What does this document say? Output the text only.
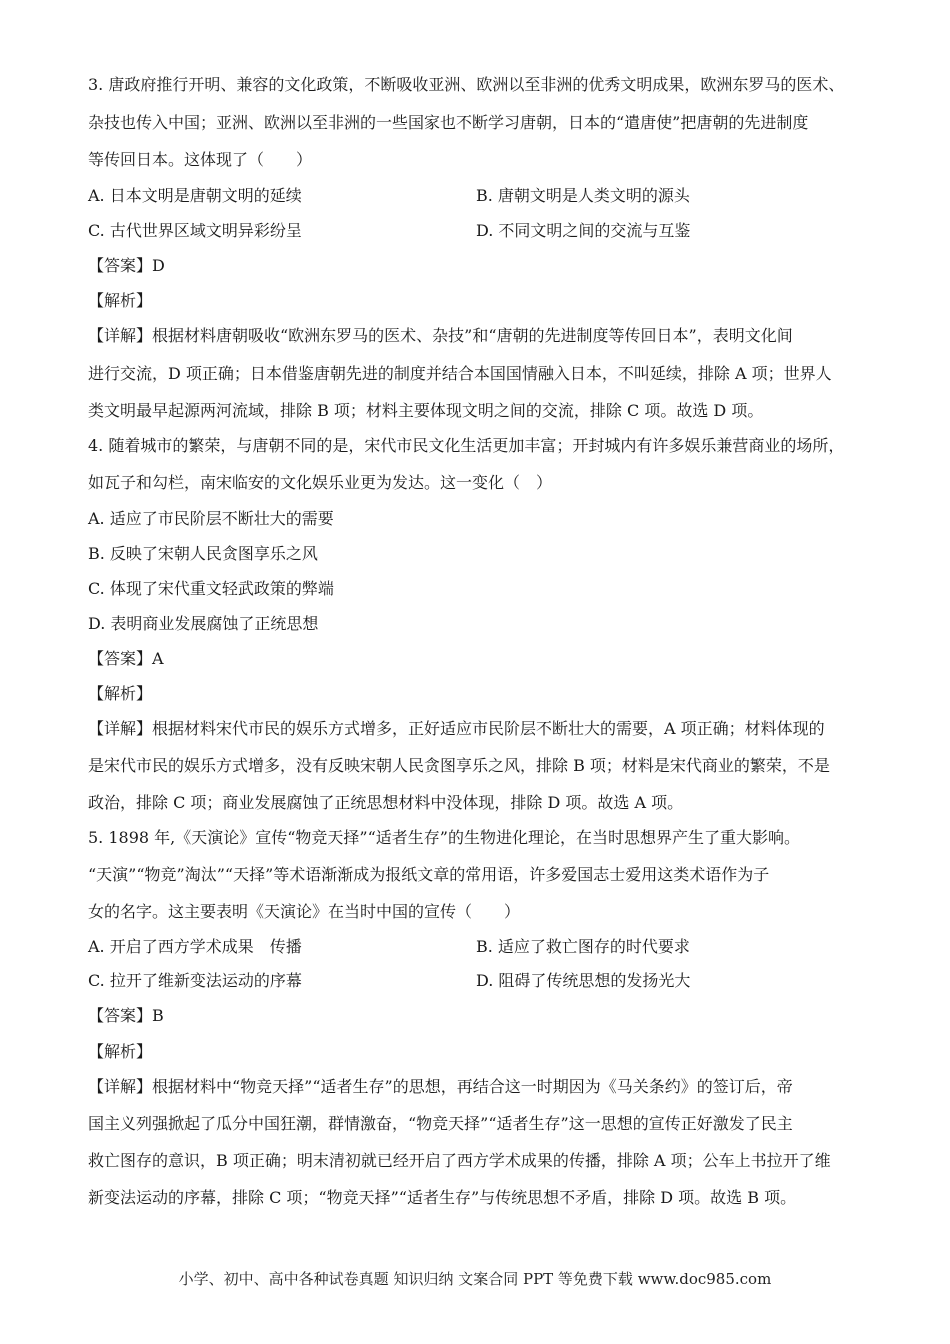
3. 唐政府推行开明、兼容的文化政策，不断吸收亚洲、欧洲以至非洲的优秀文明成果，欧洲东罗马的医术、
杂技也传入中国；亚洲、欧洲以至非洲的一些国家也不断学习唐朝，日本的“遣唐使”把唐朝的先进制度
等传回日本。这体现了（　　）
A. 日本文明是唐朝文明的延续	B. 唐朝文明是人类文明的源头
C. 古代世界区域文明异彩纷呈	D. 不同文明之间的交流与互鉴
【答案】D
【解析】
【详解】根据材料唐朝吸收“欧洲东罗马的医术、杂技”和“唐朝的先进制度等传回日本”，表明文化间
进行交流，D 项正确；日本借鉴唐朝先进的制度并结合本国国情融入日本，不叫延续，排除 A 项；世界人
类文明最早起源两河流域，排除 B 项；材料主要体现文明之间的交流，排除 C 项。故选 D 项。
4. 随着城市的繁荣，与唐朝不同的是，宋代市民文化生活更加丰富；开封城内有许多娱乐兼营商业的场所，
如瓦子和勾栏，南宋临安的文化娱乐业更为发达。这一变化（　）
A. 适应了市民阶层不断壮大的需要
B. 反映了宋朝人民贪图享乐之风
C. 体现了宋代重文轻武政策的弊端
D. 表明商业发展腐蚀了正统思想
【答案】A
【解析】
【详解】根据材料宋代市民的娱乐方式增多，正好适应市民阶层不断壮大的需要，A 项正确；材料体现的
是宋代市民的娱乐方式增多，没有反映宋朝人民贪图享乐之风，排除 B 项；材料是宋代商业的繁荣，不是
政治，排除 C 项；商业发展腐蚀了正统思想材料中没体现，排除 D 项。故选 A 项。
5. 1898 年,《天演论》宣传“物竞天择”“适者生存”的生物进化理论，在当时思想界产生了重大影响。
“天演”“物竞”淘汰”“天择”等术语渐渐成为报纸文章的常用语，许多爱国志士爱用这类术语作为子
女的名字。这主要表明《天演论》在当时中国的宣传（　　）
A. 开启了西方学术成果　传播	B. 适应了救亡图存的时代要求
C. 拉开了维新变法运动的序幕	D. 阻碍了传统思想的发扬光大
【答案】B
【解析】
【详解】根据材料中“物竞天择”“适者生存”的思想，再结合这一时期因为《马关条约》的签订后，帝
国主义列强掀起了瓜分中国狂潮，群情激奋，“物竞天择”“适者生存”这一思想的宣传正好激发了民主
救亡图存的意识，B 项正确；明末清初就已经开启了西方学术成果的传播，排除 A 项；公车上书拉开了维
新变法运动的序幕，排除 C 项；“物竞天择”“适者生存”与传统思想不矛盾，排除 D 项。故选 B 项。
小学、初中、高中各种试卷真题 知识归纳 文案合同 PPT 等免费下载 www.doc985.com
